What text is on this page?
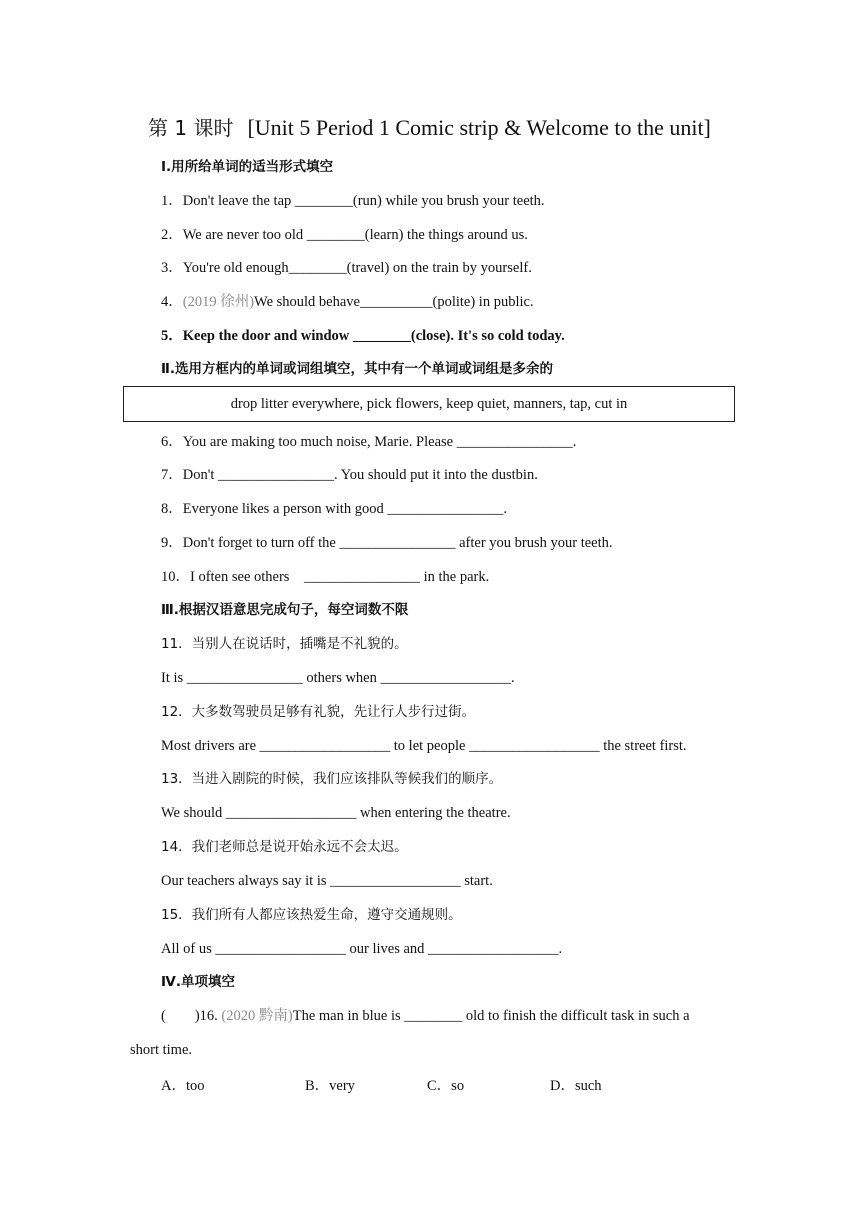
第 1 课时 [Unit 5 Period 1 Comic strip & Welcome to the unit]
Ⅰ.用所给单词的适当形式填空
1．Don't leave the tap ________(run) while you brush your teeth.
2．We are never too old ________(learn) the things around us.
3．You're old enough________(travel) on the train by yourself.
4．(2019 徐州)We should behave__________(polite) in public.
5．Keep the door and window ________(close). It's so cold today.
Ⅱ.选用方框内的单词或词组填空，其中有一个单词或词组是多余的
drop litter everywhere, pick flowers, keep quiet, manners, tap, cut in
6．You are making too much noise, Marie. Please ________________.
7．Don't ________________. You should put it into the dustbin.
8．Everyone likes a person with good ________________.
9．Don't forget to turn off the ________________ after you brush your teeth.
10．I often see others　________________ in the park.
Ⅲ.根据汉语意思完成句子，每空词数不限
11．当别人在说话时，插嘴是不礼貌的。
It is ________________ others when __________________.
12．大多数驾驶员足够有礼貌，先让行人步行过街。
Most drivers are __________________ to let people __________________ the street first.
13．当进入剧院的时候，我们应该排队等候我们的顺序。
We should __________________ when entering the theatre.
14．我们老师总是说开始永远不会太迟。
Our teachers always say it is __________________ start.
15．我们所有人都应该热爱生命，遵守交通规则。
All of us __________________ our lives and __________________.
Ⅳ.单项填空
(　　)16. (2020 黔南)The man in blue is ________ old to finish the difficult task in such a
short time.
A．too	B．very	C．so	D．such
